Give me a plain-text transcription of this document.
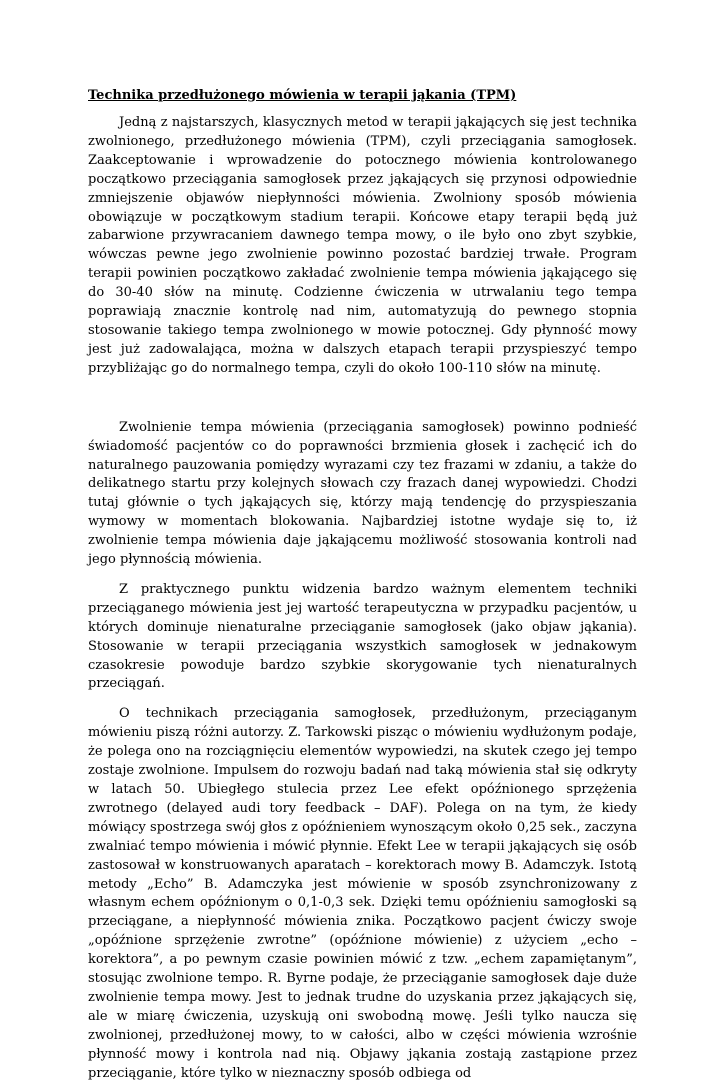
Technika przedłużonego mówienia w terapii jąkania (TPM)

Jedną z najstarszych, klasycznych metod w terapii jąkających się jest technika zwolnionego, przedłużonego mówienia (TPM), czyli przeciągania samogłosek. Zaakceptowanie i wprowadzenie do potocznego mówienia kontrolowanego początkowo przeciągania samogłosek przez jąkających się przynosi odpowiednie zmniejszenie objawów niepłynności mówienia. Zwolniony sposób mówienia obowiązuje w początkowym stadium terapii. Końcowe etapy terapii będą już zabarwione przywracaniem dawnego tempa mowy, o ile było ono zbyt szybkie, wówczas pewne jego zwolnienie powinno pozostać bardziej trwałe. Program terapii powinien początkowo zakładać zwolnienie tempa mówienia jąkającego się do 30-40 słów na minutę. Codzienne ćwiczenia w utrwalaniu tego tempa poprawiają znacznie kontrolę nad nim, automatyzują do pewnego stopnia stosowanie takiego tempa zwolnionego w mowie potocznej. Gdy płynność mowy jest już zadowalająca, można w dalszych etapach terapii przyspieszyć tempo przybliżając go do normalnego tempa, czyli do około 100-110 słów na minutę.

Zwolnienie tempa mówienia (przeciągania samogłosek) powinno podnieść świadomość pacjentów co do poprawności brzmienia głosek i zachęcić ich do naturalnego pauzowania pomiędzy wyrazami czy tez frazami w zdaniu, a także do delikatnego startu przy kolejnych słowach czy frazach danej wypowiedzi. Chodzi tutaj głównie o tych jąkających się, którzy mają tendencję do przyspieszania wymowy w momentach blokowania. Najbardziej istotne wydaje się to, iż zwolnienie tempa mówienia daje jąkającemu możliwość stosowania kontroli nad jego płynnością mówienia.

Z praktycznego punktu widzenia bardzo ważnym elementem techniki przeciąganego mówienia jest jej wartość terapeutyczna w przypadku pacjentów, u których dominuje nienaturalne przeciąganie samogłosek (jako objaw jąkania). Stosowanie w terapii przeciągania wszystkich samogłosek w jednakowym czasokresie powoduje bardzo szybkie skorygowanie tych nienaturalnych przeciągań.

O technikach przeciągania samogłosek, przedłużonym, przeciąganym mówieniu piszą różni autorzy. Z. Tarkowski pisząc o mówieniu wydłużonym podaje, że polega ono na rozciągnięciu elementów wypowiedzi, na skutek czego jej tempo zostaje zwolnione. Impulsem do rozwoju badań nad taką mówienia stał się odkryty w latach 50. Ubiegłego stulecia przez Lee efekt opóźnionego sprzężenia zwrotnego (delayed audi tory feedback – DAF). Polega on na tym, że kiedy mówiący spostrzega swój głos z opóźnieniem wynoszącym około 0,25 sek., zaczyna zwalniać tempo mówienia i mówić płynnie. Efekt Lee w terapii jąkających się osób zastosował w konstruowanych aparatach – korektorach mowy B. Adamczyk. Istotą metody „Echo” B. Adamczyka jest mówienie w sposób zsynchronizowany z własnym echem opóźnionym o 0,1-0,3 sek. Dzięki temu opóźnieniu samogłoski są przeciągane, a niepłynność mówienia znika. Początkowo pacjent ćwiczy swoje „opóźnione sprzężenie zwrotne” (opóźnione mówienie) z użyciem „echo – korektora”, a po pewnym czasie powinien mówić z tzw. „echem zapamiętanym”, stosując zwolnione tempo. R. Byrne podaje, że przeciąganie samogłosek daje duże zwolnienie tempa mowy. Jest to jednak trudne do uzyskania przez jąkających się, ale w miarę ćwiczenia, uzyskują oni swobodną mowę. Jeśli tylko naucza się zwolnionej, przedłużonej mowy, to w całości, albo w części mówienia wzrośnie płynność mowy i kontrola nad nią. Objawy jąkania zostają zastąpione przez przeciąganie, które tylko w nieznaczny sposób odbiega od
